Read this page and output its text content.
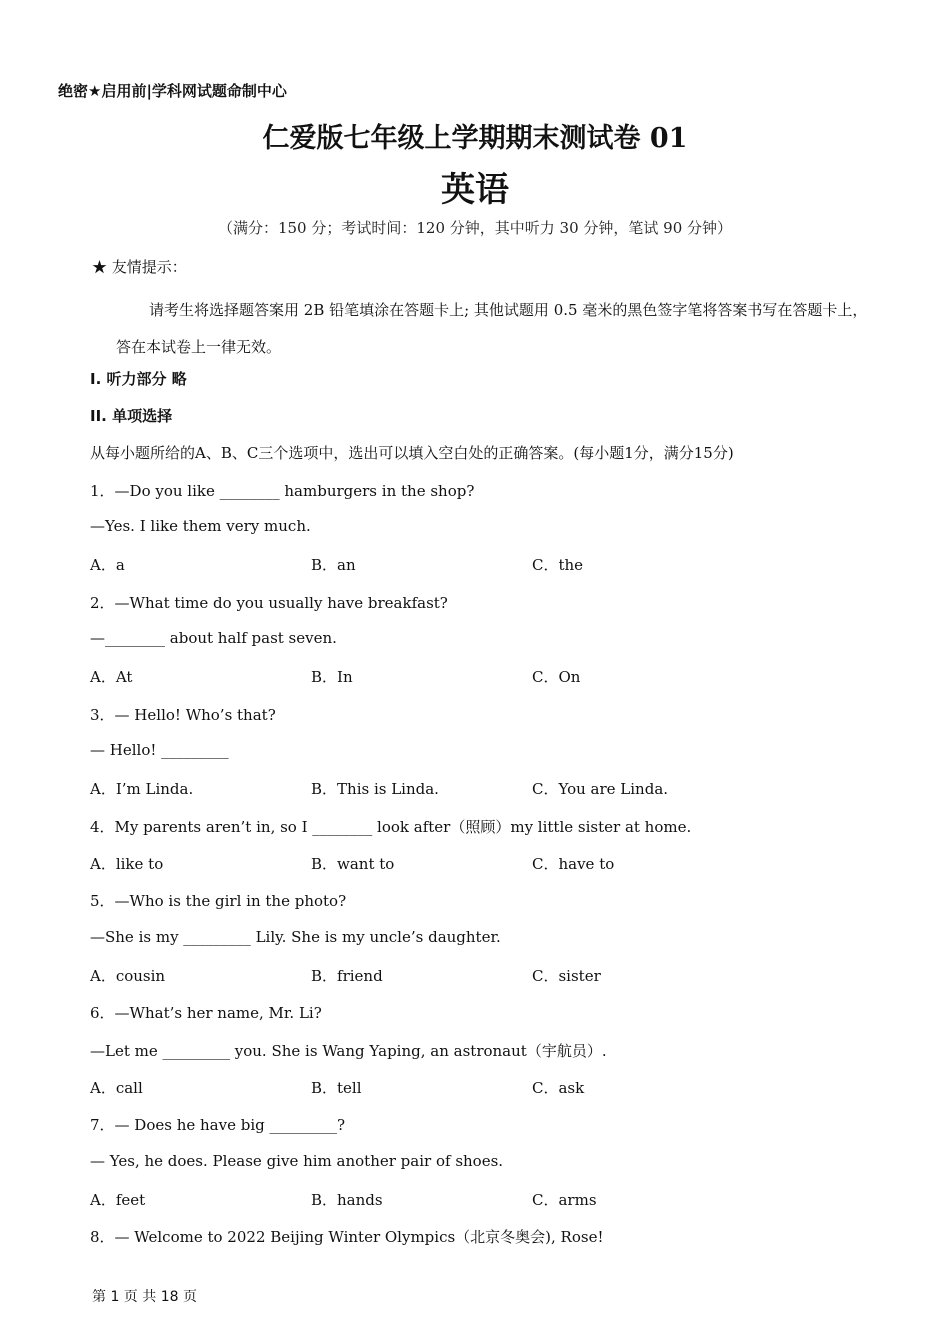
绝密★启用前|学科网试题命制中心
仁爱版七年级上学期期末测试卷 01
英语
（满分：150 分；考试时间：120 分钟，其中听力 30 分钟，笔试 90 分钟）
★ 友情提示：
请考生将选择题答案用 2B 铅笔填涂在答题卡上; 其他试题用 0.5 毫米的黑色签字笔将答案书写在答题卡上，答在本试卷上一律无效。
I. 听力部分 略
II. 单项选择
从每小题所给的A、B、C三个选项中，选出可以填入空白处的正确答案。(每小题1分，满分15分)
1．—Do you like ________ hamburgers in the shop?
—Yes. I like them very much.
A．a	B．an	C．the
2．—What time do you usually have breakfast?
—________ about half past seven.
A．At	B．In	C．On
3．— Hello! Who’s that?
— Hello! _________
A．I’m Linda.	B．This is Linda.	C．You are Linda.
4．My parents aren’t in, so I ________ look after（照顾）my little sister at home.
A．like to	B．want to	C．have to
5．—Who is the girl in the photo?
—She is my _________ Lily. She is my uncle’s daughter.
A．cousin	B．friend	C．sister
6．—What’s her name, Mr. Li?
—Let me _________ you. She is Wang Yaping, an astronaut（宇航员）.
A．call	B．tell	C．ask
7．— Does he have big _________?
— Yes, he does. Please give him another pair of shoes.
A．feet	B．hands	C．arms
8．— Welcome to 2022 Beijing Winter Olympics（北京冬奥会), Rose!
第 1 页 共 18 页
